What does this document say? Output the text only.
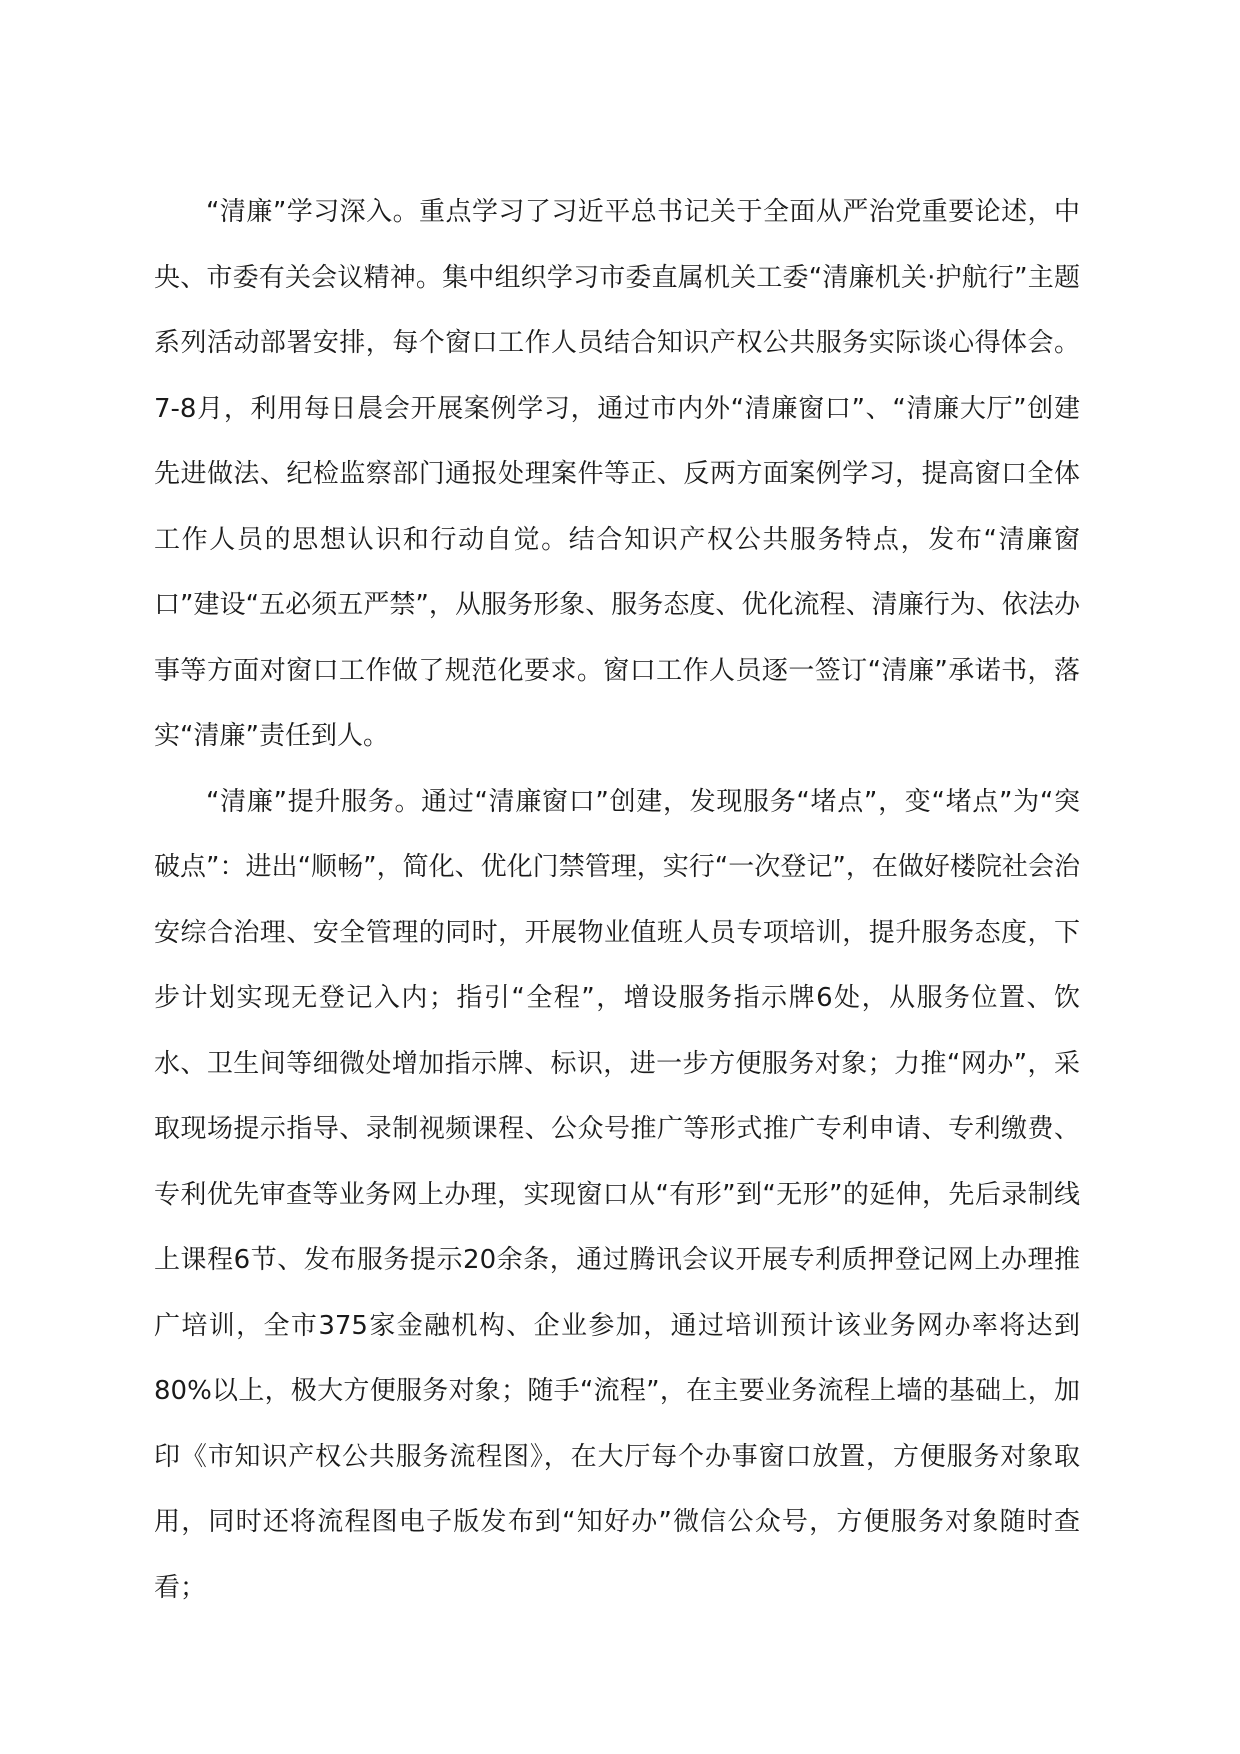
“清廉”学习深入。重点学习了习近平总书记关于全面从严治党重要论述，中央、市委有关会议精神。集中组织学习市委直属机关工委“清廉机关·护航行”主题系列活动部署安排，每个窗口工作人员结合知识产权公共服务实际谈心得体会。7-8月，利用每日晨会开展案例学习，通过市内外“清廉窗口”、“清廉大厅”创建先进做法、纪检监察部门通报处理案件等正、反两方面案例学习，提高窗口全体工作人员的思想认识和行动自觉。结合知识产权公共服务特点，发布“清廉窗口”建设“五必须五严禁”，从服务形象、服务态度、优化流程、清廉行为、依法办事等方面对窗口工作做了规范化要求。窗口工作人员逐一签订“清廉”承诺书，落实“清廉”责任到人。

“清廉”提升服务。通过“清廉窗口”创建，发现服务“堵点”，变“堵点”为“突破点”：进出“顺畅”，简化、优化门禁管理，实行“一次登记”，在做好楼院社会治安综合治理、安全管理的同时，开展物业值班人员专项培训，提升服务态度，下步计划实现无登记入内；指引“全程”，增设服务指示牌6处，从服务位置、饮水、卫生间等细微处增加指示牌、标识，进一步方便服务对象；力推“网办”，采取现场提示指导、录制视频课程、公众号推广等形式推广专利申请、专利缴费、专利优先审查等业务网上办理，实现窗口从“有形”到“无形”的延伸，先后录制线上课程6节、发布服务提示20余条，通过腾讯会议开展专利质押登记网上办理推广培训，全市375家金融机构、企业参加，通过培训预计该业务网办率将达到80%以上，极大方便服务对象；随手“流程”，在主要业务流程上墙的基础上，加印《市知识产权公共服务流程图》，在大厅每个办事窗口放置，方便服务对象取用，同时还将流程图电子版发布到“知好办”微信公众号，方便服务对象随时查看；
